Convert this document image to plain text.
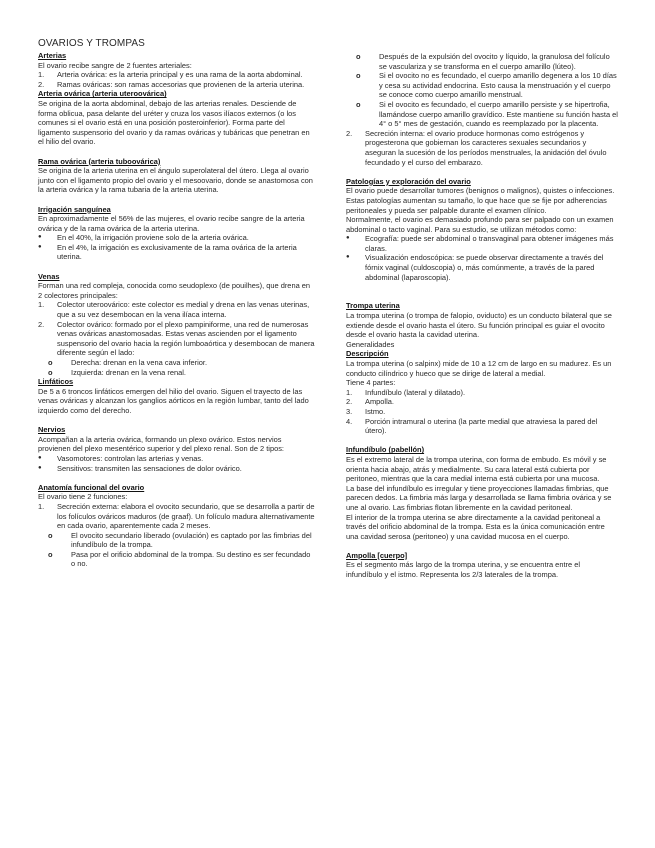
OVARIOS Y TROMPAS
Arterias

El ovario recibe sangre de 2 fuentes arteriales:

1. Arteria ovárica: es la arteria principal y es una rama de la aorta abdominal.
2. Ramas ováricas: son ramas accesorias que provienen de la arteria uterina.
Arteria ovárica (arteria uteroovárica)

Se origina de la aorta abdominal, debajo de las arterias renales. Desciende de forma oblicua, pasa delante del uréter y cruza los vasos ilíacos externos (o los comunes si el ovario está en una posición posteroinferior). Forma parte del ligamento suspensorio del ovario y da ramas ováricas y tubáricas que penetran en el hilio del ovario.

Rama ovárica (arteria tuboovárica)

Se origina de la arteria uterina en el ángulo superolateral del útero. Llega al ovario junto con el ligamento propio del ovario y el mesoovario, donde se anastomosa con la arteria ovárica y la rama tubaria de la arteria uterina.

Irrigación sanguínea

En aproximadamente el 56% de las mujeres, el ovario recibe sangre de la arteria ovárica y de la rama ovárica de la arteria uterina.

● En el 40%, la irrigación proviene solo de la arteria ovárica.
● En el 4%, la irrigación es exclusivamente de la rama ovárica de la arteria uterina.
Venas

Forman una red compleja, conocida como seudoplexo (de pouilhes), que drena en 2 colectores principales:

1. Colector uteroovárico: este colector es medial y drena en las venas uterinas, que a su vez desembocan en la vena ilíaca interna.
2. Colector ovárico: formado por el plexo pampiniforme, una red de numerosas venas ováricas anastomosadas. Estas venas ascienden por el ligamento suspensorio del ovario hacia la región lumboaórtica y desembocan de manera diferente según el lado:
o Derecha: drenan en la vena cava inferior.
o Izquierda: drenan en la vena renal.
Linfáticos

De 5 a 6 troncos linfáticos emergen del hilio del ovario. Siguen el trayecto de las venas ováricas y alcanzan los ganglios aórticos en la región lumbar, tanto del lado izquierdo como del derecho.

Nervios

Acompañan a la arteria ovárica, formando un plexo ovárico. Estos nervios provienen del plexo mesentérico superior y del plexo renal. Son de 2 tipos:

● Vasomotores: controlan las arterias y venas.
● Sensitivos: transmiten las sensaciones de dolor ovárico.
Anatomía funcional del ovario

El ovario tiene 2 funciones:

1. Secreción externa: elabora el ovocito secundario, que se desarrolla a partir de los folículos ováricos maduros (de graaf). Un folículo madura alternativamente en cada ovario, aparentemente cada 2 meses.
o El ovocito secundario liberado (ovulación) es captado por las fimbrias del infundíbulo de la trompa.
o Pasa por el orificio abdominal de la trompa. Su destino es ser fecundado o no.
o Después de la expulsión del ovocito y líquido, la granulosa del folículo se vasculariza y se transforma en el cuerpo amarillo (lúteo).
o Si el ovocito no es fecundado, el cuerpo amarillo degenera a los 10 días y cesa su actividad endocrina. Esto causa la menstruación y el cuerpo se conoce como cuerpo amarillo menstrual.
o Si el ovocito es fecundado, el cuerpo amarillo persiste y se hipertrofia, llamándose cuerpo amarillo gravídico. Este mantiene su función hasta el 4° o 5° mes de gestación, cuando es reemplazado por la placenta.
2. Secreción interna: el ovario produce hormonas como estrógenos y progesterona que gobiernan los caracteres sexuales secundarios y aseguran la sucesión de los períodos menstruales, la anidación del óvulo fecundado y el curso del embarazo.
Patologías y exploración del ovario

El ovario puede desarrollar tumores (benignos o malignos), quistes o infecciones. Estas patologías aumentan su tamaño, lo que hace que se fije por adherencias peritoneales y pueda ser palpable durante el examen clínico.

Normalmente, el ovario es demasiado profundo para ser palpado con un examen abdominal o tacto vaginal. Para su estudio, se utilizan métodos como:

● Ecografía: puede ser abdominal o transvaginal para obtener imágenes más claras.
● Visualización endoscópica: se puede observar directamente a través del fórnix vaginal (culdoscopia) o, más comúnmente, a través de la pared abdominal (laparoscopia).
Trompa uterina

La trompa uterina (o trompa de falopio, oviducto) es un conducto bilateral que se extiende desde el ovario hasta el útero. Su función principal es guiar el ovocito desde el ovario hasta la cavidad uterina.

Generalidades

Descripción

La trompa uterina (o salpinx) mide de 10 a 12 cm de largo en su madurez. Es un conducto cilíndrico y hueco que se dirige de lateral a medial.

Tiene 4 partes:

1. Infundíbulo (lateral y dilatado).
2. Ampolla.
3. Istmo.
4. Porción intramural o uterina (la parte medial que atraviesa la pared del útero).
Infundíbulo (pabellón)

Es el extremo lateral de la trompa uterina, con forma de embudo. Es móvil y se orienta hacia abajo, atrás y medialmente. Su cara lateral está cubierta por peritoneo, mientras que la cara medial interna está cubierta por una mucosa.

La base del infundíbulo es irregular y tiene proyecciones llamadas fimbrias, que parecen dedos. La fimbria más larga y desarrollada se llama fimbria ovárica y se une al ovario. Las fimbrias flotan libremente en la cavidad peritoneal.

El interior de la trompa uterina se abre directamente a la cavidad peritoneal a través del orificio abdominal de la trompa. Esta es la única comunicación entre una cavidad serosa (peritoneo) y una cavidad mucosa en el cuerpo.

Ampolla [cuerpo]

Es el segmento más largo de la trompa uterina, y se encuentra entre el infundíbulo y el istmo. Representa los 2/3 laterales de la trompa.
